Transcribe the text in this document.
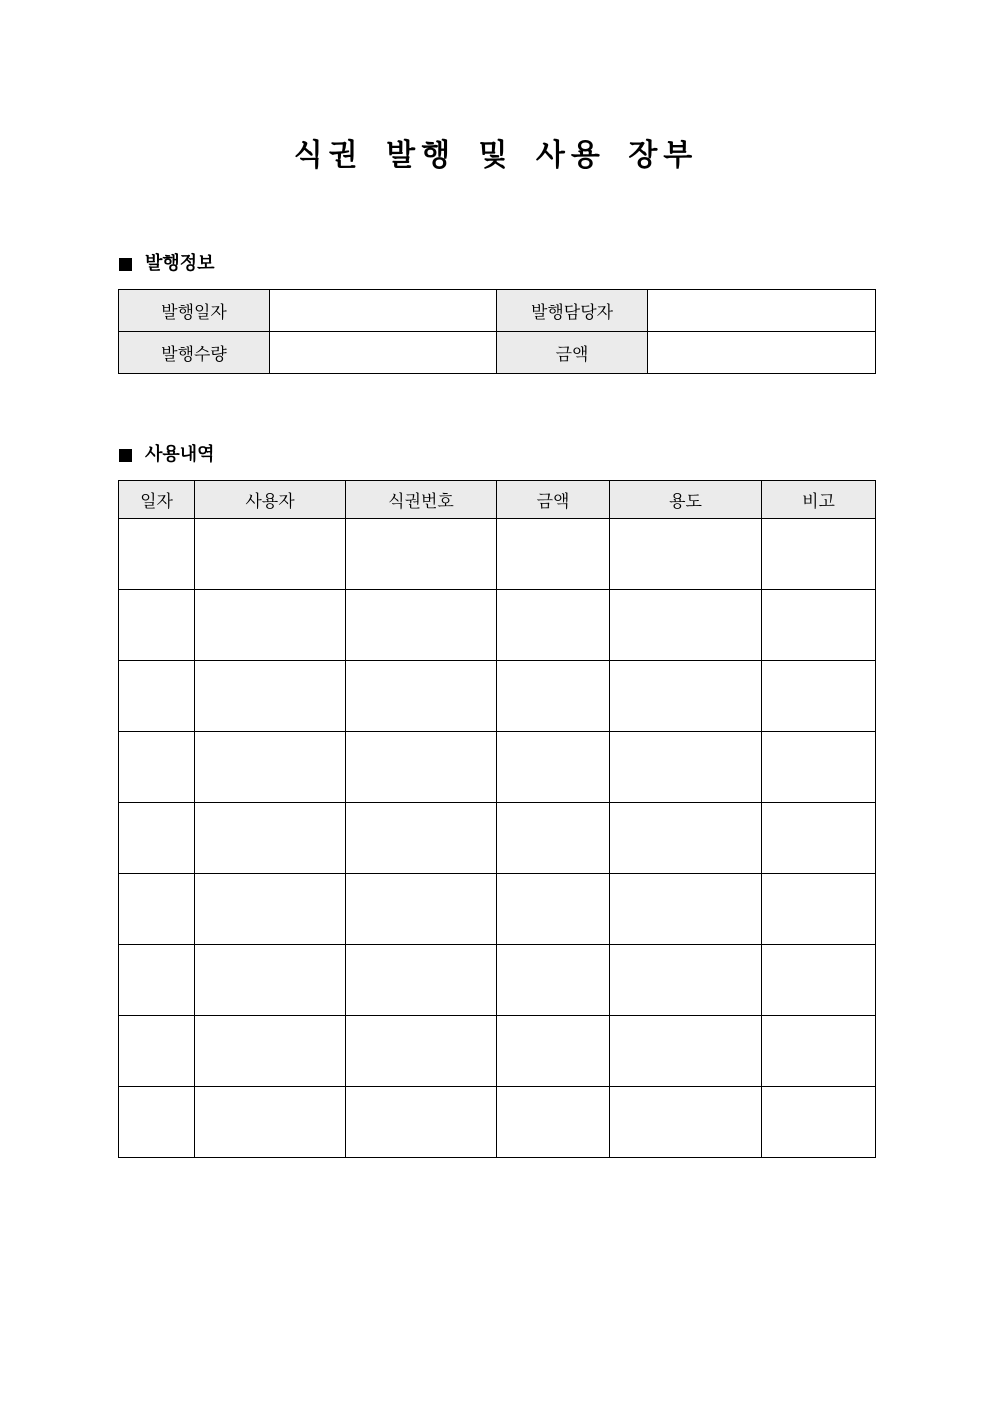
식권 발행 및 사용 장부
발행정보
발행일자		발행담당자	
발행수량		금액	
사용내역
일자	사용자	식권번호	금액	용도	비고
